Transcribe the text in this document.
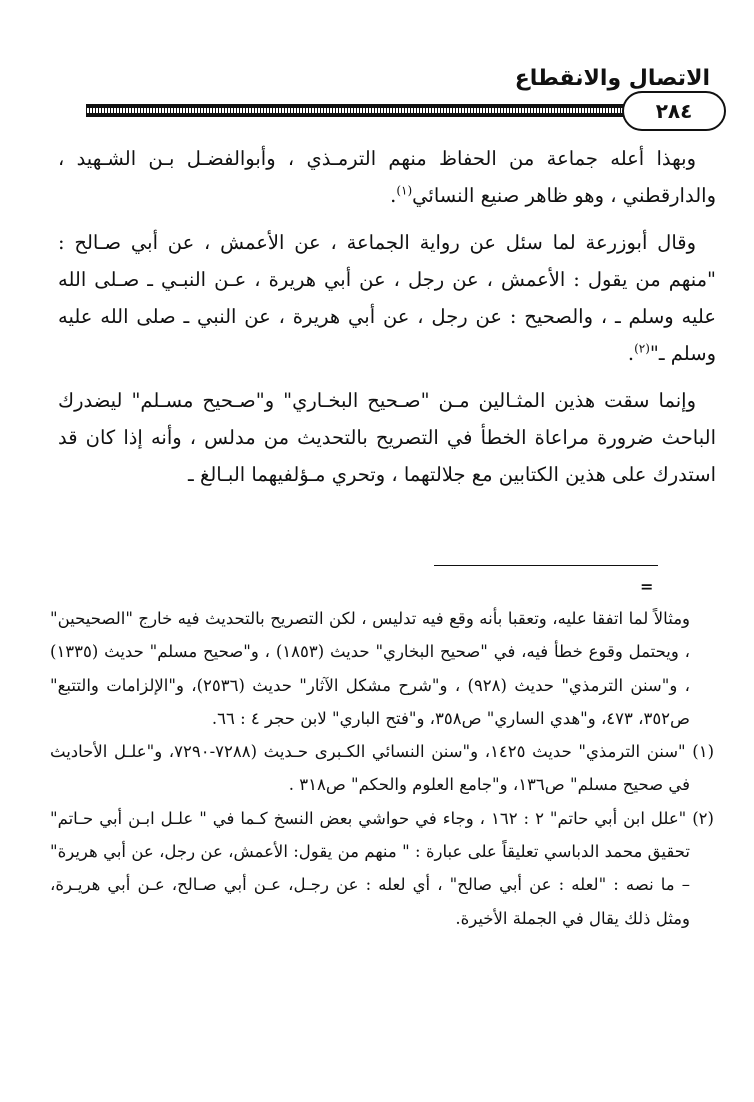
الاتصال والانقطاع
٢٨٤

وبهذا أعله جماعة من الحفاظ منهم الترمـذي ، وأبوالفضـل بـن الشـهيد ، والدارقطني ، وهو ظاهر صنيع النسائي$^{(١)}$.

وقال أبوزرعة لما سئل عن رواية الجماعة ، عن الأعمش ، عن أبي صـالح : "منهم من يقول : الأعمش ، عن رجل ، عن أبي هريرة ، عـن النبـي ـ صـلى الله عليه وسلم ـ ، والصحيح : عن رجل ، عن أبي هريرة ، عن النبي ـ صلى الله عليه وسلم ـ"$^{(٢)}$.

وإنما سقت هذين المثـالين مـن "صـحيح البخـاري" و"صـحيح مسـلم" ليضدرك الباحث ضرورة مراعاة الخطأ في التصريح بالتحديث من مدلس ، وأنه إذا كان قد استدرك على هذين الكتابين مع جلالتهما ، وتحري مـؤلفيهما البـالغ ـ

=

ومثالاً لما اتفقا عليه، وتعقبا بأنه وقع فيه تدليس ، لكن التصريح بالتحديث فيه خارج "الصحيحين" ، ويحتمل وقوع خطأ فيه، في "صحيح البخاري" حديث (١٨٥٣) ، و"صحيح مسلم" حديث (١٣٣٥) ، و"سنن الترمذي" حديث (٩٢٨) ، و"شرح مشكل الآثار" حديث (٢٥٣٦)، و"الإلزامات والتتبع" ص٣٥٢، ٤٧٣، و"هدي الساري" ص٣٥٨، و"فتح الباري" لابن حجر ٤ : ٦٦.

(١) "سنن الترمذي" حديث ١٤٢٥، و"سنن النسائي الكـبرى حـديث (٧٢٨٨-٧٢٩٠، و"علـل الأحاديث في صحيح مسلم" ص١٣٦، و"جامع العلوم والحكم" ص٣١٨ .

(٢) "علل ابن أبي حاتم" ٢ : ١٦٢ ، وجاء في حواشي بعض النسخ كـما في " علـل ابـن أبي حـاتم" تحقيق محمد الدباسي تعليقاً على عبارة : " منهم من يقول: الأعمش، عن رجل، عن أبي هريرة" – ما نصه : "لعله : عن أبي صالح" ، أي لعله : عن رجـل، عـن أبي صـالح، عـن أبي هريـرة، ومثل ذلك يقال في الجملة الأخيرة.
